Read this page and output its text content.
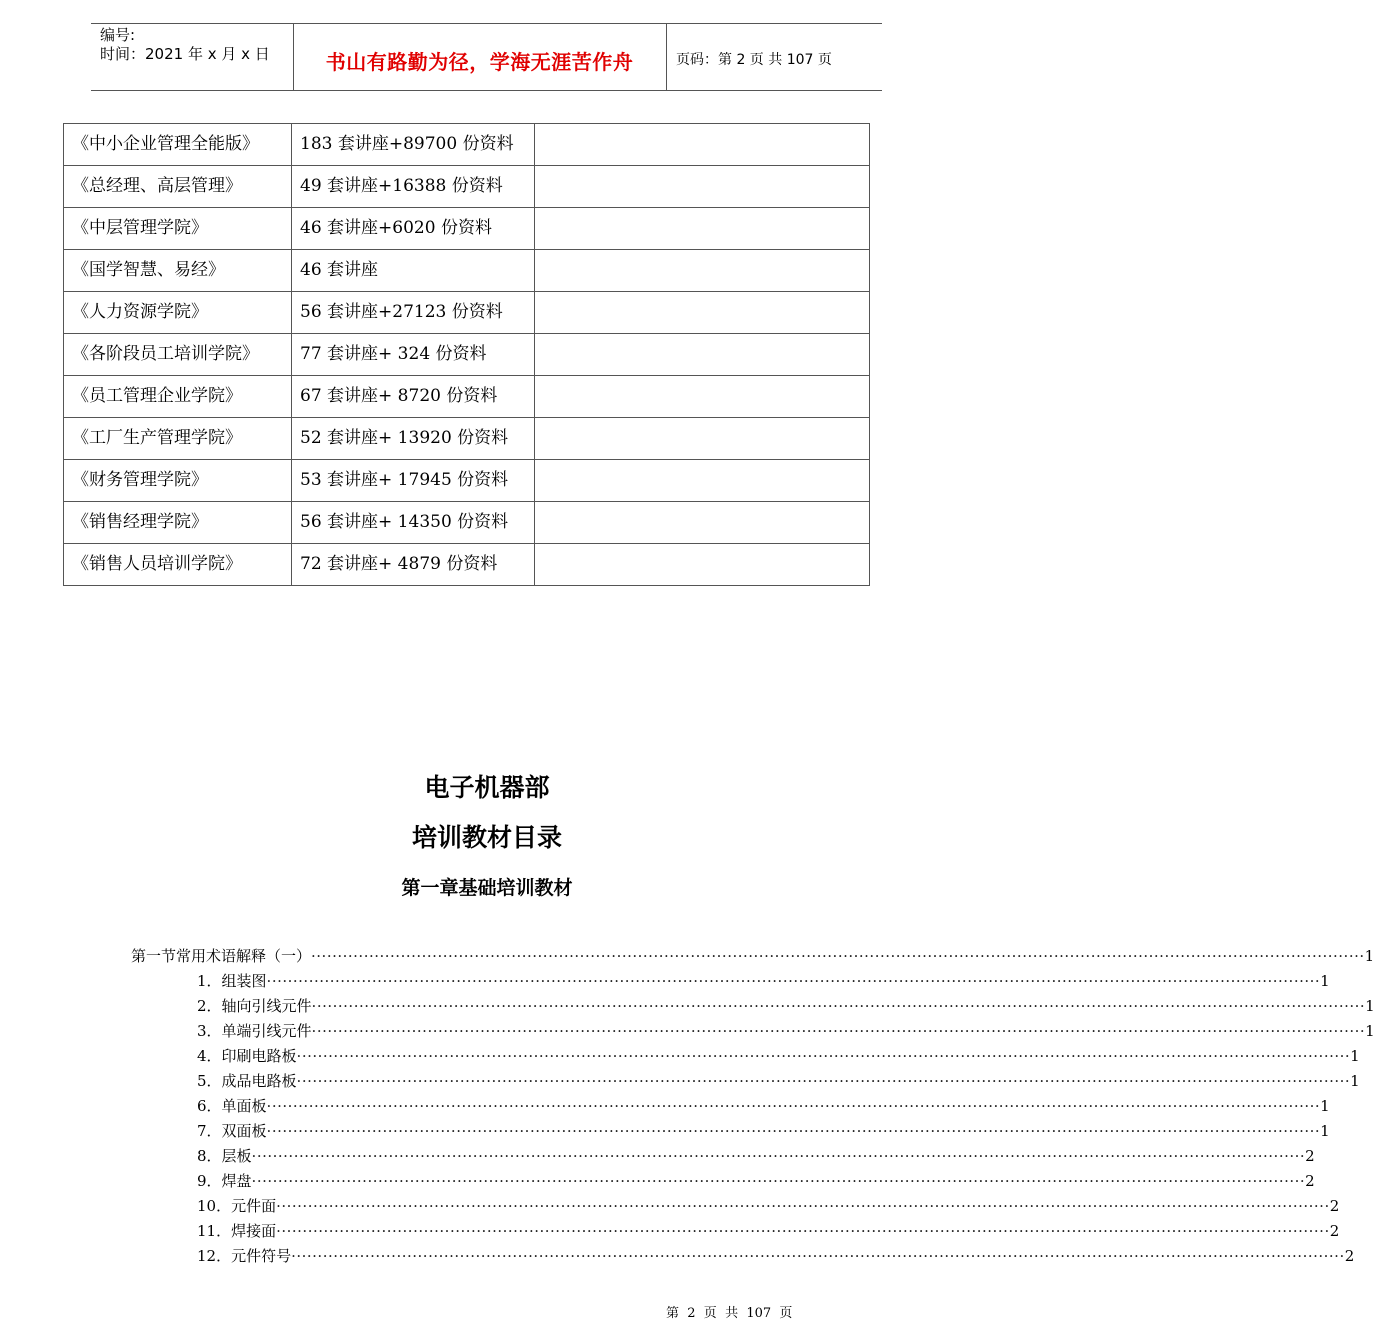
编号:
时间：2021 年 x 月 x 日	书山有路勤为径，学海无涯苦作舟	页码：第 2 页 共 107 页
《中小企业管理全能版》	183 套讲座+89700 份资料	
《总经理、高层管理》	49 套讲座+16388 份资料	
《中层管理学院》	46 套讲座+6020 份资料	
《国学智慧、易经》	46 套讲座	
《人力资源学院》	56 套讲座+27123 份资料	
《各阶段员工培训学院》	77 套讲座+ 324 份资料	
《员工管理企业学院》	67 套讲座+ 8720 份资料	
《工厂生产管理学院》	52 套讲座+ 13920 份资料	
《财务管理学院》	53 套讲座+ 17945 份资料	
《销售经理学院》	56 套讲座+ 14350 份资料	
《销售人员培训学院》	72 套讲座+ 4879 份资料	
电子机器部
培训教材目录
第一章基础培训教材
第一节常用术语解释（一） ········································································································································································································ 1
1．组装图 ········································································································································································································ 1
2．轴向引线元件 ········································································································································································································ 1
3．单端引线元件 ········································································································································································································ 1
4．印刷电路板 ········································································································································································································ 1
5．成品电路板 ········································································································································································································ 1
6．单面板 ········································································································································································································ 1
7．双面板 ········································································································································································································ 1
8．层板 ········································································································································································································ 2
9．焊盘 ········································································································································································································ 2
10．元件面 ········································································································································································································ 2
11．焊接面 ········································································································································································································ 2
12．元件符号 ········································································································································································································ 2
第  2  页  共  107  页
